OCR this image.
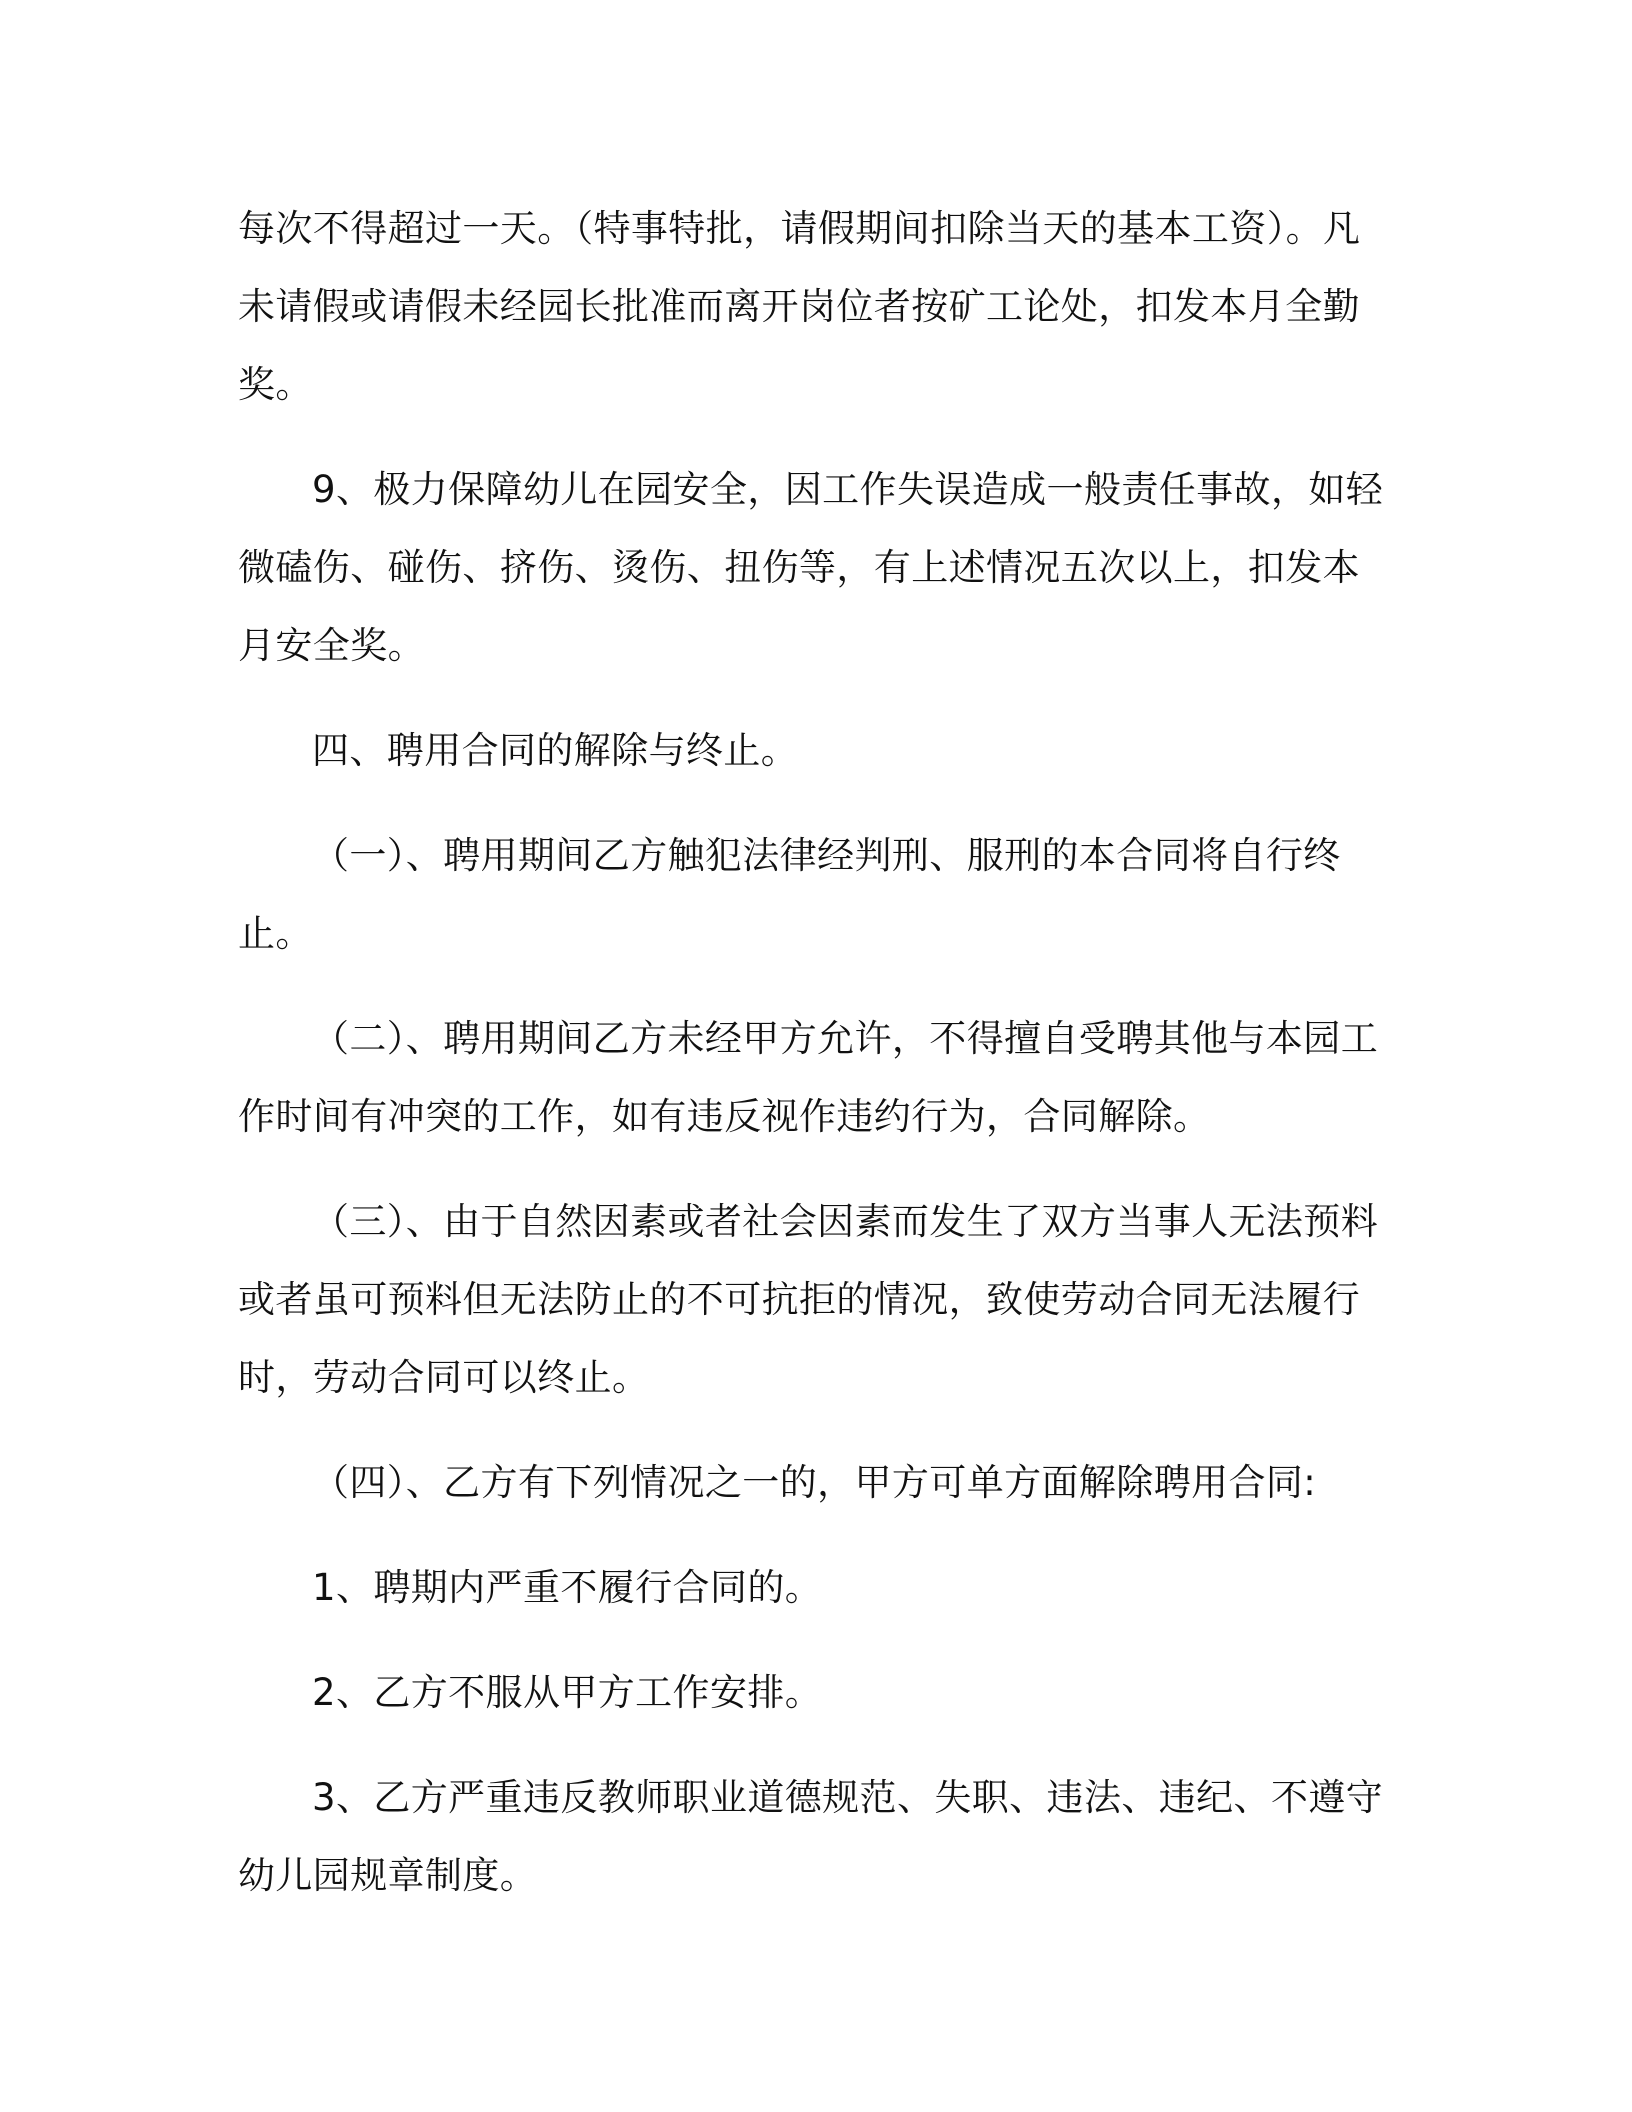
每次不得超过一天。（特事特批，请假期间扣除当天的基本工资）。凡未请假或请假未经园长批准而离开岗位者按矿工论处，扣发本月全勤奖。

9、极力保障幼儿在园安全，因工作失误造成一般责任事故，如轻微磕伤、碰伤、挤伤、烫伤、扭伤等，有上述情况五次以上，扣发本月安全奖。

四、聘用合同的解除与终止。

（一）、聘用期间乙方触犯法律经判刑、服刑的本合同将自行终止。

（二）、聘用期间乙方未经甲方允许，不得擅自受聘其他与本园工作时间有冲突的工作，如有违反视作违约行为，合同解除。

（三）、由于自然因素或者社会因素而发生了双方当事人无法预料或者虽可预料但无法防止的不可抗拒的情况，致使劳动合同无法履行时，劳动合同可以终止。

（四）、乙方有下列情况之一的，甲方可单方面解除聘用合同:

1、聘期内严重不履行合同的。

2、乙方不服从甲方工作安排。

3、乙方严重违反教师职业道德规范、失职、违法、违纪、不遵守幼儿园规章制度。
